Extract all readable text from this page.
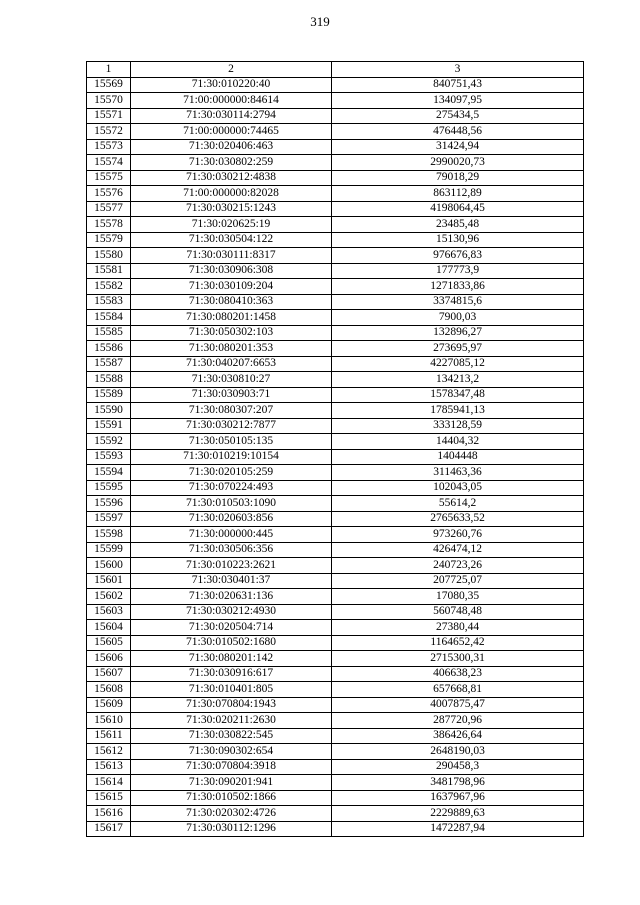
319
1	2	3
15569	71:30:010220:40	840751,43
15570	71:00:000000:84614	134097,95
15571	71:30:030114:2794	275434,5
15572	71:00:000000:74465	476448,56
15573	71:30:020406:463	31424,94
15574	71:30:030802:259	2990020,73
15575	71:30:030212:4838	79018,29
15576	71:00:000000:82028	863112,89
15577	71:30:030215:1243	4198064,45
15578	71:30:020625:19	23485,48
15579	71:30:030504:122	15130,96
15580	71:30:030111:8317	976676,83
15581	71:30:030906:308	177773,9
15582	71:30:030109:204	1271833,86
15583	71:30:080410:363	3374815,6
15584	71:30:080201:1458	7900,03
15585	71:30:050302:103	132896,27
15586	71:30:080201:353	273695,97
15587	71:30:040207:6653	4227085,12
15588	71:30:030810:27	134213,2
15589	71:30:030903:71	1578347,48
15590	71:30:080307:207	1785941,13
15591	71:30:030212:7877	333128,59
15592	71:30:050105:135	14404,32
15593	71:30:010219:10154	1404448
15594	71:30:020105:259	311463,36
15595	71:30:070224:493	102043,05
15596	71:30:010503:1090	55614,2
15597	71:30:020603:856	2765633,52
15598	71:30:000000:445	973260,76
15599	71:30:030506:356	426474,12
15600	71:30:010223:2621	240723,26
15601	71:30:030401:37	207725,07
15602	71:30:020631:136	17080,35
15603	71:30:030212:4930	560748,48
15604	71:30:020504:714	27380,44
15605	71:30:010502:1680	1164652,42
15606	71:30:080201:142	2715300,31
15607	71:30:030916:617	406638,23
15608	71:30:010401:805	657668,81
15609	71:30:070804:1943	4007875,47
15610	71:30:020211:2630	287720,96
15611	71:30:030822:545	386426,64
15612	71:30:090302:654	2648190,03
15613	71:30:070804:3918	290458,3
15614	71:30:090201:941	3481798,96
15615	71:30:010502:1866	1637967,96
15616	71:30:020302:4726	2229889,63
15617	71:30:030112:1296	1472287,94
